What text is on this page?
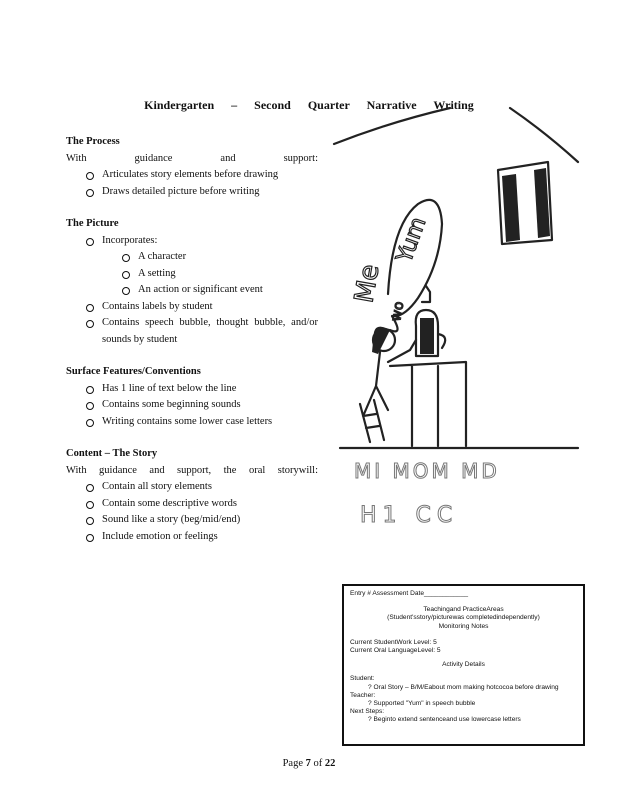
Kindergarten – Second Quarter Narrative Writing
The Process
With guidance and support:
Articulates story elements before drawing
Draws detailed picture before writing
The Picture
Incorporates:
A character
A setting
An action or significant event
Contains labels by student
Contains speech bubble, thought bubble, and/or sounds by student
Surface Features/Conventions
Has 1 line of text below the line
Contains some beginning sounds
Writing contains some lower case letters
Content – The Story
With guidance and support, the oral storywill:
Contain all story elements
Contain some descriptive words
Sound like a story (beg/mid/end)
Include emotion or feelings
Yum
Me
wo
MI MOM MD
H1 CC
Entry # Assessment Date____________
Teachingand PracticeAreas
(Student'sstory/picturewas completedindependently)
Monitoring Notes
Current StudentWork Level: 5
Current Oral LanguageLevel: 5
Activity Details
Student:
? Oral Story – B/M/Eabout mom making hotcocoa before drawing
Teacher:
? Supported "Yum" in speech bubble
Next Steps:
? Beginto extend sentenceand use lowercase letters
Page 7 of 22
